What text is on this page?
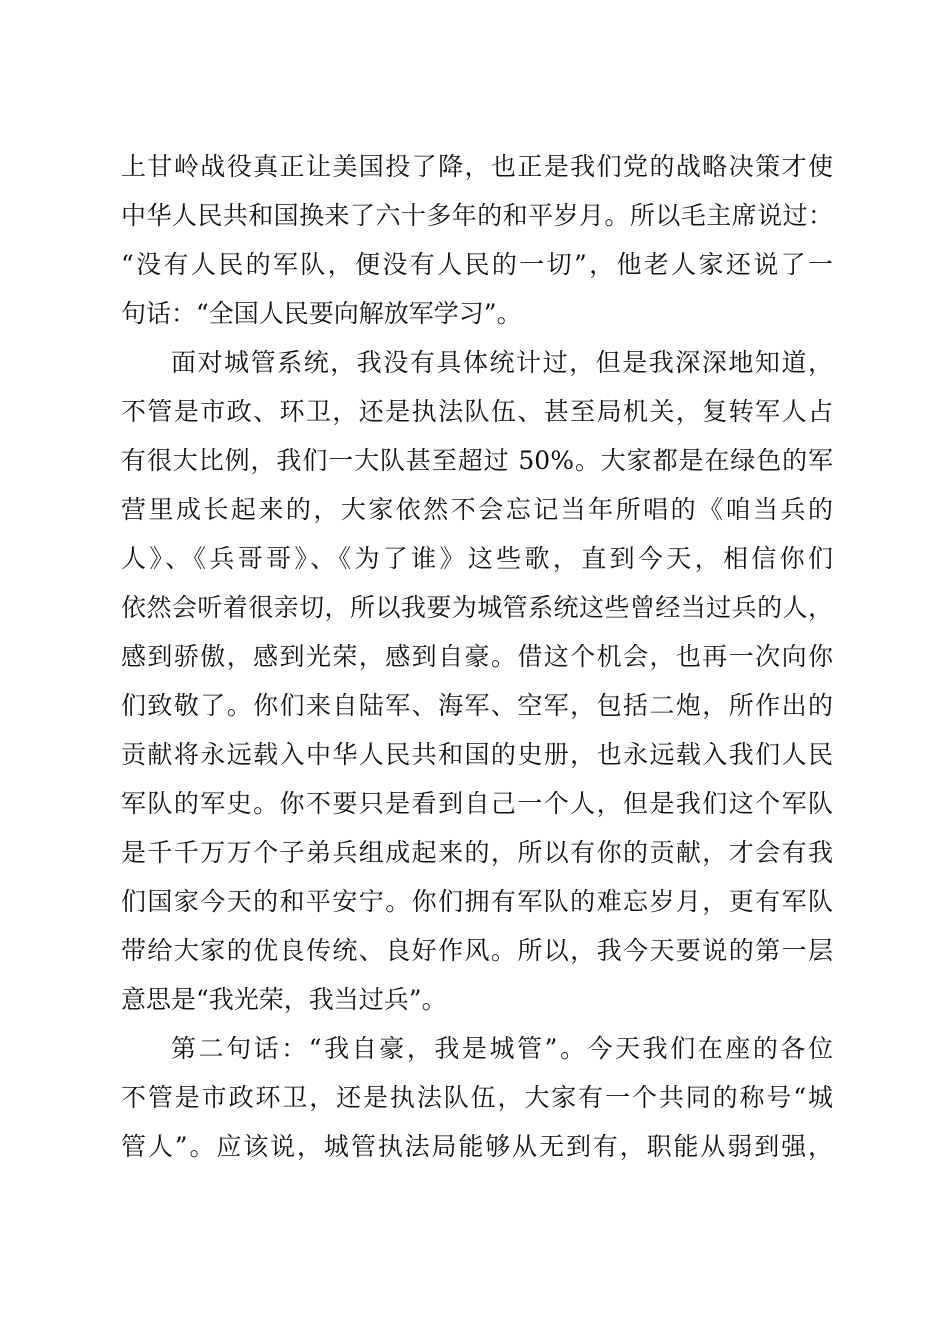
上甘岭战役真正让美国投了降，也正是我们党的战略决策才使
中华人民共和国换来了六十多年的和平岁月。所以毛主席说过：
“没有人民的军队，便没有人民的一切”，他老人家还说了一
句话：“全国人民要向解放军学习”。
面对城管系统，我没有具体统计过，但是我深深地知道，
不管是市政、环卫，还是执法队伍、甚至局机关，复转军人占
有很大比例，我们一大队甚至超过 50%。大家都是在绿色的军
营里成长起来的，大家依然不会忘记当年所唱的《咱当兵的
人》、《兵哥哥》、《为了谁》这些歌，直到今天，相信你们
依然会听着很亲切，所以我要为城管系统这些曾经当过兵的人，
感到骄傲，感到光荣，感到自豪。借这个机会，也再一次向你
们致敬了。你们来自陆军、海军、空军，包括二炮，所作出的
贡献将永远载入中华人民共和国的史册，也永远载入我们人民
军队的军史。你不要只是看到自己一个人，但是我们这个军队
是千千万万个子弟兵组成起来的，所以有你的贡献，才会有我
们国家今天的和平安宁。你们拥有军队的难忘岁月，更有军队
带给大家的优良传统、良好作风。所以，我今天要说的第一层
意思是“我光荣，我当过兵”。
第二句话：“我自豪，我是城管”。今天我们在座的各位
不管是市政环卫，还是执法队伍，大家有一个共同的称号“城
管人”。应该说，城管执法局能够从无到有，职能从弱到强，
